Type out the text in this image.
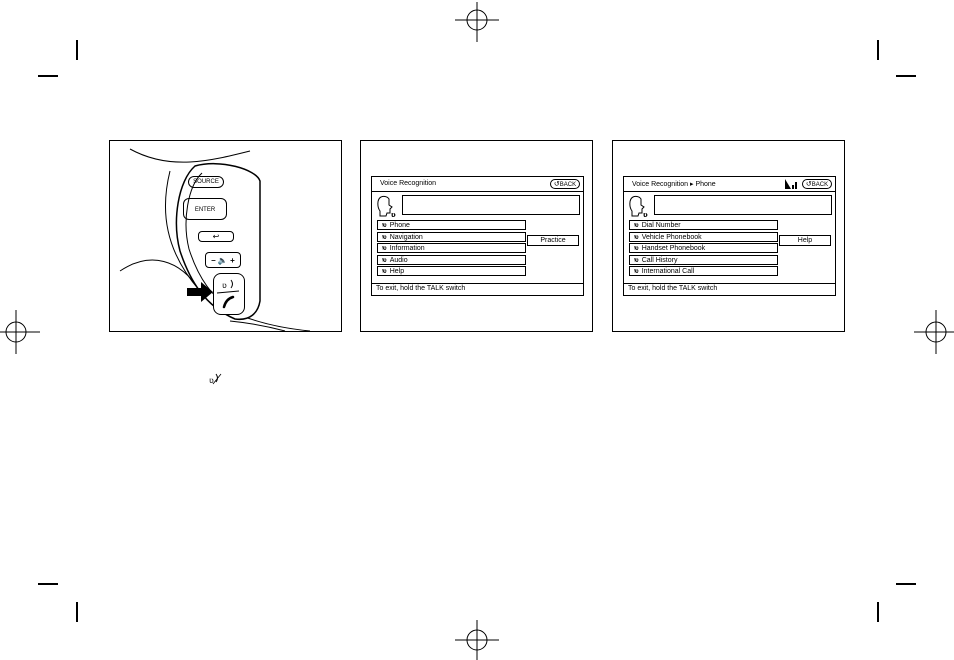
SOURCE
ENTER
↩
– 🔈 +
ʋ
Voice Recognition	↺BACK
ʋ
ᵞʋ Phone
ᵞʋ Navigation
ᵞʋ Information
ᵞʋ Audio
ᵞʋ Help
Practice
To exit, hold the TALK switch
Voice Recognition ▸ Phone	↺BACK
ʋ
ᵞʋ Dial Number
ᵞʋ Vehicle Phonebook
ᵞʋ Handset Phonebook
ᵞʋ Call History
ᵞʋ International Call
Help
To exit, hold the TALK switch
ʋ
